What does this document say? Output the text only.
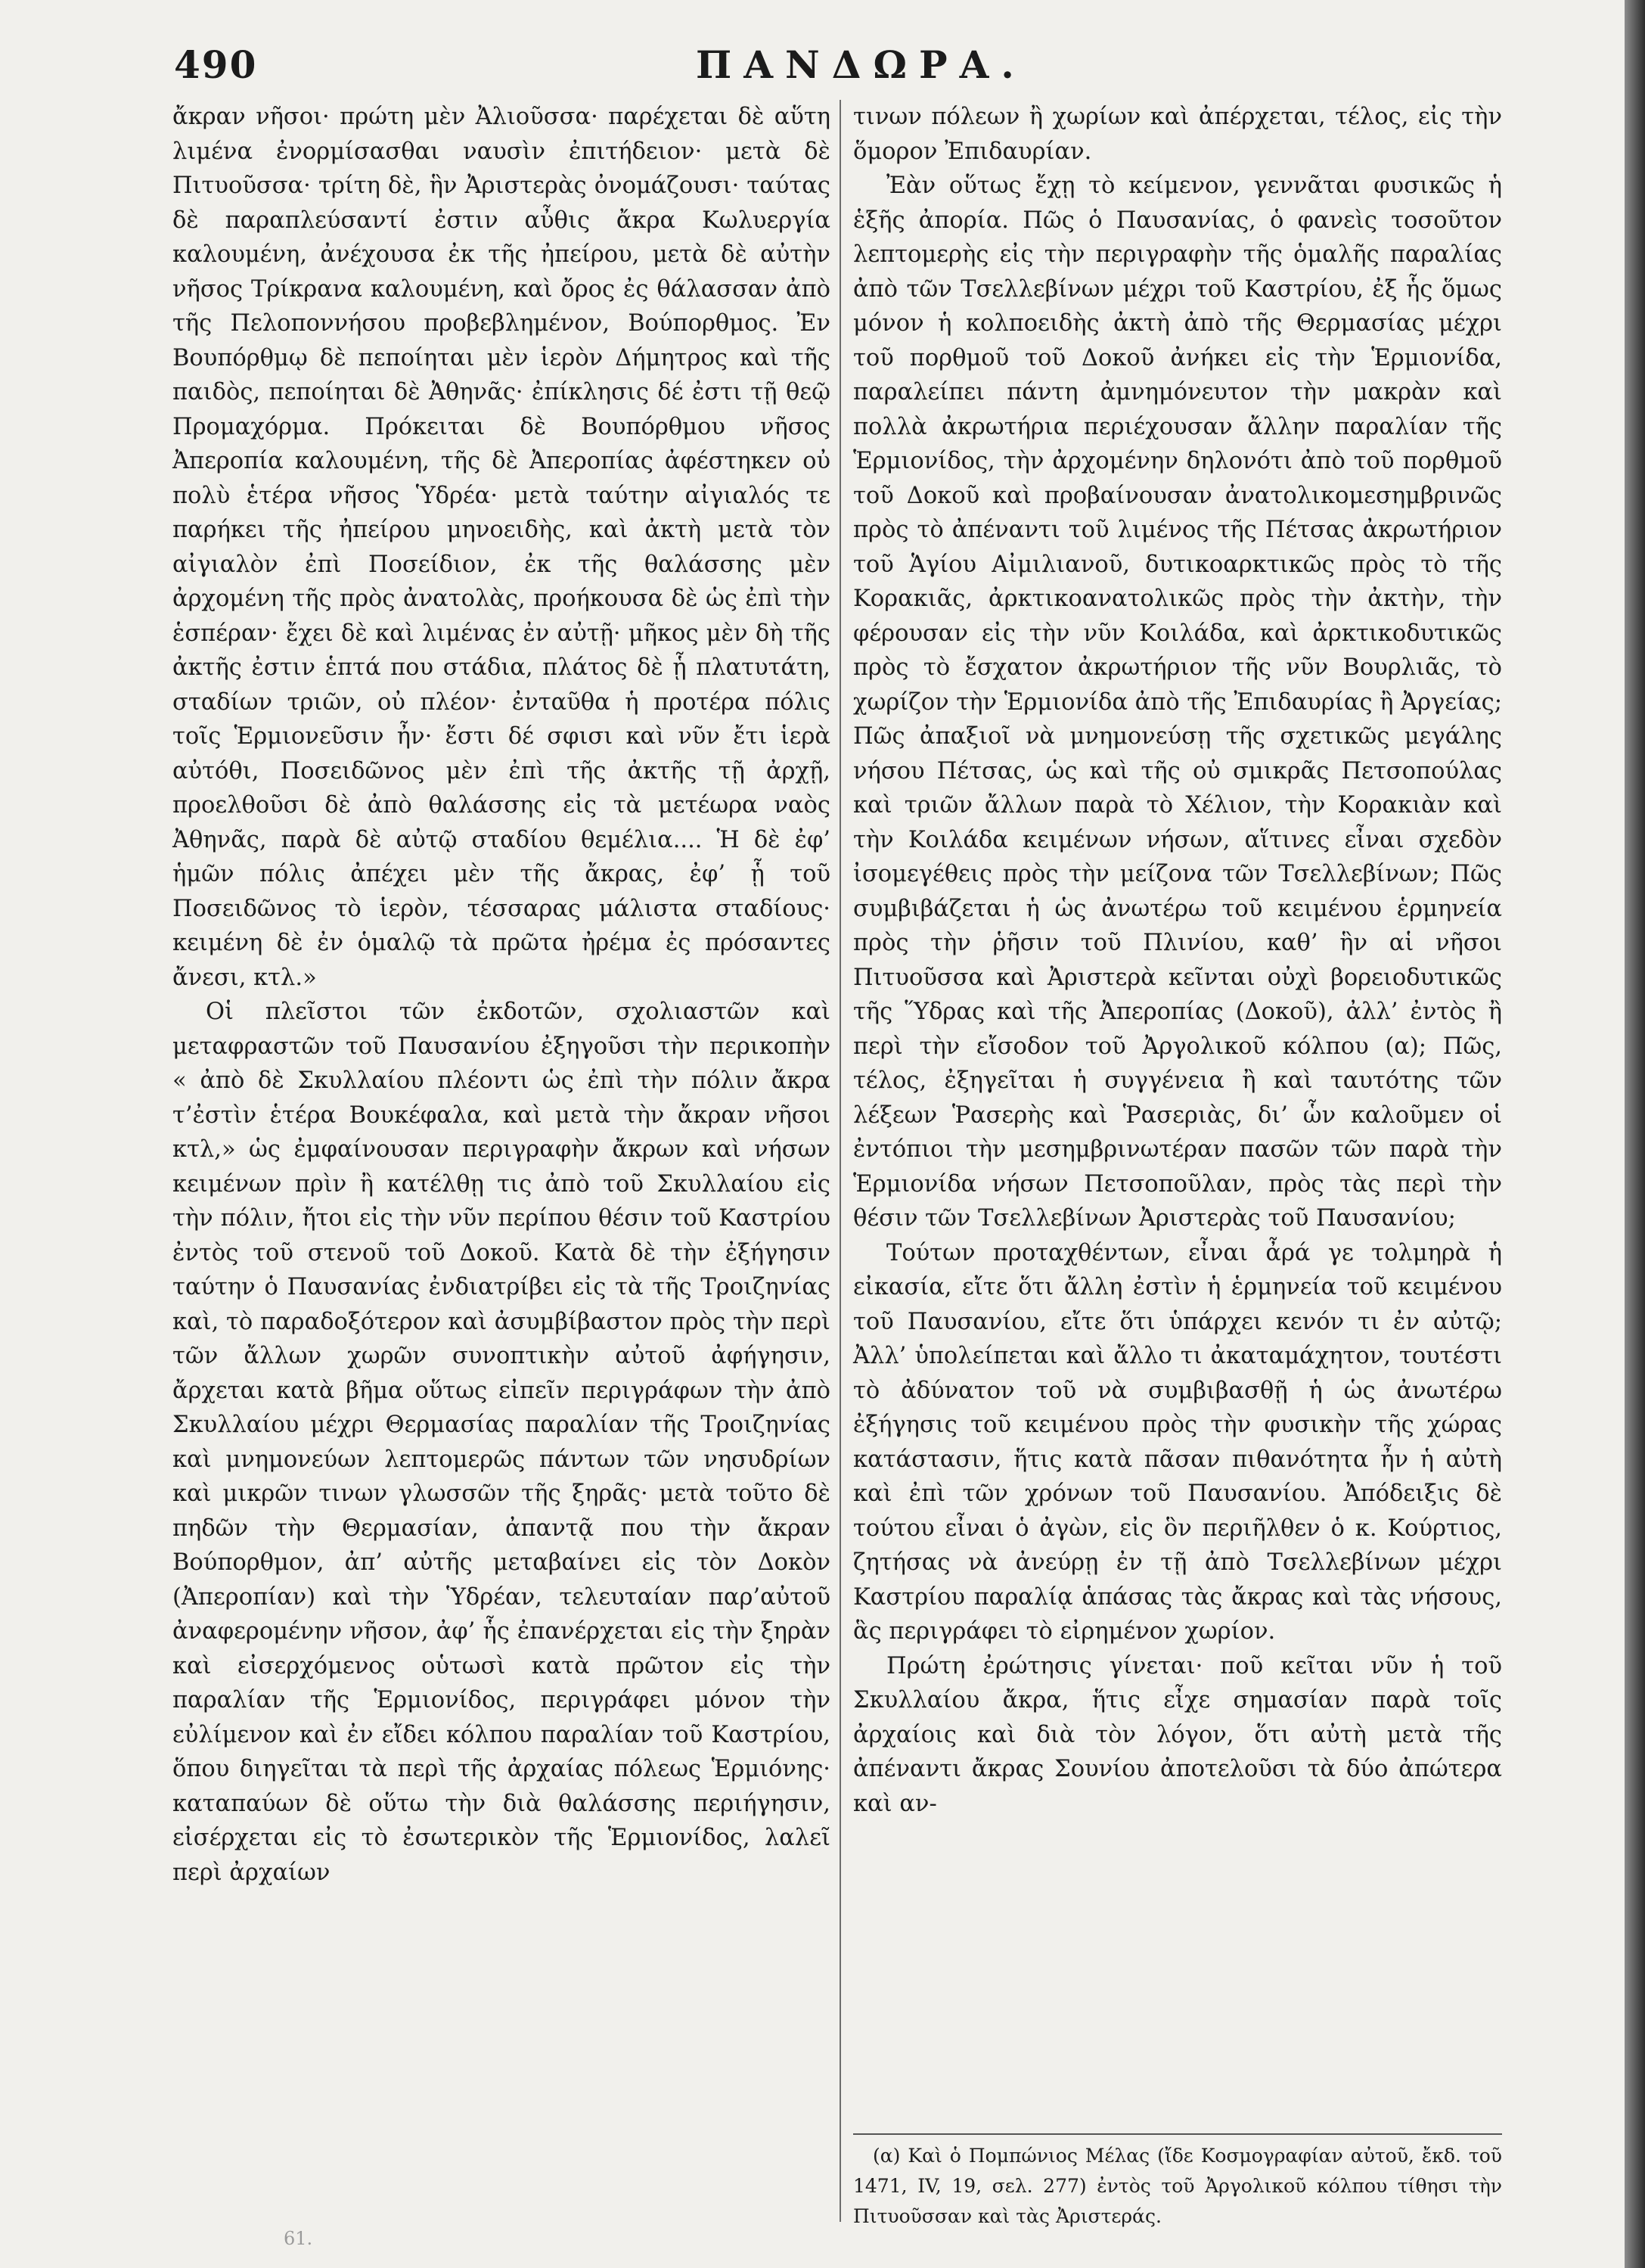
490	ΠΑΝΔΩΡΑ.

ἄκραν νῆσοι· πρώτη μὲν Ἀλιοῦσσα· παρέχεται δὲ αὕτη λιμένα ἐνορμίσασθαι ναυσὶν ἐπιτήδειον· μετὰ δὲ Πιτυοῦσσα· τρίτη δὲ, ἣν Ἀριστερὰς ὀνομάζουσι· ταύτας δὲ παραπλεύσαντί ἐστιν αὖθις ἄκρα Κωλυεργία καλουμένη, ἀνέχουσα ἐκ τῆς ἠπείρου, μετὰ δὲ αὐτὴν νῆσος Τρίκρανα καλουμένη, καὶ ὄρος ἐς θάλασσαν ἀπὸ τῆς Πελοποννήσου προβεβλημένον, Βούπορθμος. Ἐν Βουπόρθμῳ δὲ πεποίηται μὲν ἱερὸν Δήμητρος καὶ τῆς παιδὸς, πεποίηται δὲ Ἀθηνᾶς· ἐπίκλησις δέ ἐστι τῇ θεῷ Προμαχόρμα. Πρόκειται δὲ Βουπόρθμου νῆσος Ἀπεροπία καλουμένη, τῆς δὲ Ἀπεροπίας ἀφέστηκεν οὐ πολὺ ἑτέρα νῆσος Ὑδρέα· μετὰ ταύτην αἰγιαλός τε παρήκει τῆς ἠπείρου μηνοειδὴς, καὶ ἀκτὴ μετὰ τὸν αἰγιαλὸν ἐπὶ Ποσείδιον, ἐκ τῆς θαλάσσης μὲν ἀρχομένη τῆς πρὸς ἀνατολὰς, προήκουσα δὲ ὡς ἐπὶ τὴν ἑσπέραν· ἔχει δὲ καὶ λιμένας ἐν αὐτῇ· μῆκος μὲν δὴ τῆς ἀκτῆς ἐστιν ἑπτά που στάδια, πλάτος δὲ ᾗ πλατυτάτη, σταδίων τριῶν, οὐ πλέον· ἐνταῦθα ἡ προτέρα πόλις τοῖς Ἑρμιονεῦσιν ἦν· ἔστι δέ σφισι καὶ νῦν ἔτι ἱερὰ αὐτόθι, Ποσειδῶνος μὲν ἐπὶ τῆς ἀκτῆς τῇ ἀρχῇ, προελθοῦσι δὲ ἀπὸ θαλάσσης εἰς τὰ μετέωρα ναὸς Ἀθηνᾶς, παρὰ δὲ αὐτῷ σταδίου θεμέλια.... Ἡ δὲ ἐφ’ ἡμῶν πόλις ἀπέχει μὲν τῆς ἄκρας, ἐφ’ ᾗ τοῦ Ποσειδῶνος τὸ ἱερὸν, τέσσαρας μάλιστα σταδίους· κειμένη δὲ ἐν ὁμαλῷ τὰ πρῶτα ἠρέμα ἐς πρόσαντες ἄνεσι, κτλ.»

Οἱ πλεῖστοι τῶν ἐκδοτῶν, σχολιαστῶν καὶ μεταφραστῶν τοῦ Παυσανίου ἐξηγοῦσι τὴν περικοπὴν « ἀπὸ δὲ Σκυλλαίου πλέοντι ὡς ἐπὶ τὴν πόλιν ἄκρα τ’ἐστὶν ἑτέρα Βουκέφαλα, καὶ μετὰ τὴν ἄκραν νῆσοι κτλ,» ὡς ἐμφαίνουσαν περιγραφὴν ἄκρων καὶ νήσων κειμένων πρὶν ἢ κατέλθῃ τις ἀπὸ τοῦ Σκυλλαίου εἰς τὴν πόλιν, ἤτοι εἰς τὴν νῦν περίπου θέσιν τοῦ Καστρίου ἐντὸς τοῦ στενοῦ τοῦ Δοκοῦ. Κατὰ δὲ τὴν ἐξήγησιν ταύτην ὁ Παυσανίας ἐνδιατρίβει εἰς τὰ τῆς Τροιζηνίας καὶ, τὸ παραδοξότερον καὶ ἀσυμβίβαστον πρὸς τὴν περὶ τῶν ἄλλων χωρῶν συνοπτικὴν αὐτοῦ ἀφήγησιν, ἄρχεται κατὰ βῆμα οὕτως εἰπεῖν περιγράφων τὴν ἀπὸ Σκυλλαίου μέχρι Θερμασίας παραλίαν τῆς Τροιζηνίας καὶ μνημονεύων λεπτομερῶς πάντων τῶν νησυδρίων καὶ μικρῶν τινων γλωσσῶν τῆς ξηρᾶς· μετὰ τοῦτο δὲ πηδῶν τὴν Θερμασίαν, ἀπαντᾷ που τὴν ἄκραν Βούπορθμον, ἀπ’ αὐτῆς μεταβαίνει εἰς τὸν Δοκὸν (Ἀπεροπίαν) καὶ τὴν Ὑδρέαν, τελευταίαν παρ’αὐτοῦ ἀναφερομένην νῆσον, ἀφ’ ἧς ἐπανέρχεται εἰς τὴν ξηρὰν καὶ εἰσερχόμενος οὑτωσὶ κατὰ πρῶτον εἰς τὴν παραλίαν τῆς Ἑρμιονίδος, περιγράφει μόνον τὴν εὐλίμενον καὶ ἐν εἴδει κόλπου παραλίαν τοῦ Καστρίου, ὅπου διηγεῖται τὰ περὶ τῆς ἀρχαίας πόλεως Ἑρμιόνης· καταπαύων δὲ οὕτω τὴν διὰ θαλάσσης περιήγησιν, εἰσέρχεται εἰς τὸ ἐσωτερικὸν τῆς Ἑρμιονίδος, λαλεῖ περὶ ἀρχαίων

τινων πόλεων ἢ χωρίων καὶ ἀπέρχεται, τέλος, εἰς τὴν ὅμορον Ἐπιδαυρίαν.

Ἐὰν οὕτως ἔχῃ τὸ κείμενον, γεννᾶται φυσικῶς ἡ ἑξῆς ἀπορία. Πῶς ὁ Παυσανίας, ὁ φανεὶς τοσοῦτον λεπτομερὴς εἰς τὴν περιγραφὴν τῆς ὁμαλῆς παραλίας ἀπὸ τῶν Τσελλεβίνων μέχρι τοῦ Καστρίου, ἐξ ἧς ὅμως μόνον ἡ κολποειδὴς ἀκτὴ ἀπὸ τῆς Θερμασίας μέχρι τοῦ πορθμοῦ τοῦ Δοκοῦ ἀνήκει εἰς τὴν Ἑρμιονίδα, παραλείπει πάντη ἀμνημόνευτον τὴν μακρὰν καὶ πολλὰ ἀκρωτήρια περιέχουσαν ἄλλην παραλίαν τῆς Ἑρμιονίδος, τὴν ἀρχομένην δηλονότι ἀπὸ τοῦ πορθμοῦ τοῦ Δοκοῦ καὶ προβαίνουσαν ἀνατολικομεσημβρινῶς πρὸς τὸ ἀπέναντι τοῦ λιμένος τῆς Πέτσας ἀκρωτήριον τοῦ Ἁγίου Αἰμιλιανοῦ, δυτικοαρκτικῶς πρὸς τὸ τῆς Κορακιᾶς, ἀρκτικοανατολικῶς πρὸς τὴν ἀκτὴν, τὴν φέρουσαν εἰς τὴν νῦν Κοιλάδα, καὶ ἀρκτικοδυτικῶς πρὸς τὸ ἔσχατον ἀκρωτήριον τῆς νῦν Βουρλιᾶς, τὸ χωρίζον τὴν Ἑρμιονίδα ἀπὸ τῆς Ἐπιδαυρίας ἢ Ἀργείας; Πῶς ἀπαξιοῖ νὰ μνημονεύσῃ τῆς σχετικῶς μεγάλης νήσου Πέτσας, ὡς καὶ τῆς οὐ σμικρᾶς Πετσοπούλας καὶ τριῶν ἄλλων παρὰ τὸ Χέλιον, τὴν Κορακιὰν καὶ τὴν Κοιλάδα κειμένων νήσων, αἵτινες εἶναι σχεδὸν ἰσομεγέθεις πρὸς τὴν μείζονα τῶν Τσελλεβίνων; Πῶς συμβιβάζεται ἡ ὡς ἀνωτέρω τοῦ κειμένου ἑρμηνεία πρὸς τὴν ῥῆσιν τοῦ Πλινίου, καθ’ ἣν αἱ νῆσοι Πιτυοῦσσα καὶ Ἀριστερὰ κεῖνται οὐχὶ βορειοδυτικῶς τῆς Ὕδρας καὶ τῆς Ἀπεροπίας (Δοκοῦ), ἀλλ’ ἐντὸς ἢ περὶ τὴν εἴσοδον τοῦ Ἀργολικοῦ κόλπου (α); Πῶς, τέλος, ἐξηγεῖται ἡ συγγένεια ἢ καὶ ταυτότης τῶν λέξεων Ῥασερὴς καὶ Ῥασεριὰς, δι’ ὧν καλοῦμεν οἱ ἐντόπιοι τὴν μεσημβρινωτέραν πασῶν τῶν παρὰ τὴν Ἑρμιονίδα νήσων Πετσοποῦλαν, πρὸς τὰς περὶ τὴν θέσιν τῶν Τσελλεβίνων Ἀριστερὰς τοῦ Παυσανίου;

Τούτων προταχθέντων, εἶναι ἆρά γε τολμηρὰ ἡ εἰκασία, εἴτε ὅτι ἄλλη ἐστὶν ἡ ἑρμηνεία τοῦ κειμένου τοῦ Παυσανίου, εἴτε ὅτι ὑπάρχει κενόν τι ἐν αὐτῷ; Ἀλλ’ ὑπολείπεται καὶ ἄλλο τι ἀκαταμάχητον, τουτέστι τὸ ἀδύνατον τοῦ νὰ συμβιβασθῇ ἡ ὡς ἀνωτέρω ἐξήγησις τοῦ κειμένου πρὸς τὴν φυσικὴν τῆς χώρας κατάστασιν, ἥτις κατὰ πᾶσαν πιθανότητα ἦν ἡ αὐτὴ καὶ ἐπὶ τῶν χρόνων τοῦ Παυσανίου. Ἀπόδειξις δὲ τούτου εἶναι ὁ ἀγὼν, εἰς ὃν περιῆλθεν ὁ κ. Κούρτιος, ζητήσας νὰ ἀνεύρῃ ἐν τῇ ἀπὸ Τσελλεβίνων μέχρι Καστρίου παραλίᾳ ἁπάσας τὰς ἄκρας καὶ τὰς νήσους, ἃς περιγράφει τὸ εἰρημένον χωρίον.

Πρώτη ἐρώτησις γίνεται· ποῦ κεῖται νῦν ἡ τοῦ Σκυλλαίου ἄκρα, ἥτις εἶχε σημασίαν παρὰ τοῖς ἀρχαίοις καὶ διὰ τὸν λόγον, ὅτι αὐτὴ μετὰ τῆς ἀπέναντι ἄκρας Σουνίου ἀποτελοῦσι τὰ δύο ἀπώτερα καὶ αν-

(α) Καὶ ὁ Πομπώνιος Μέλας (ἴδε Κοσμογραφίαν αὐτοῦ, ἔκδ. τοῦ 1471, IV, 19, σελ. 277) ἐντὸς τοῦ Ἀργολικοῦ κόλπου τίθησι τὴν Πιτυοῦσσαν καὶ τὰς Ἀριστεράς.

61.
